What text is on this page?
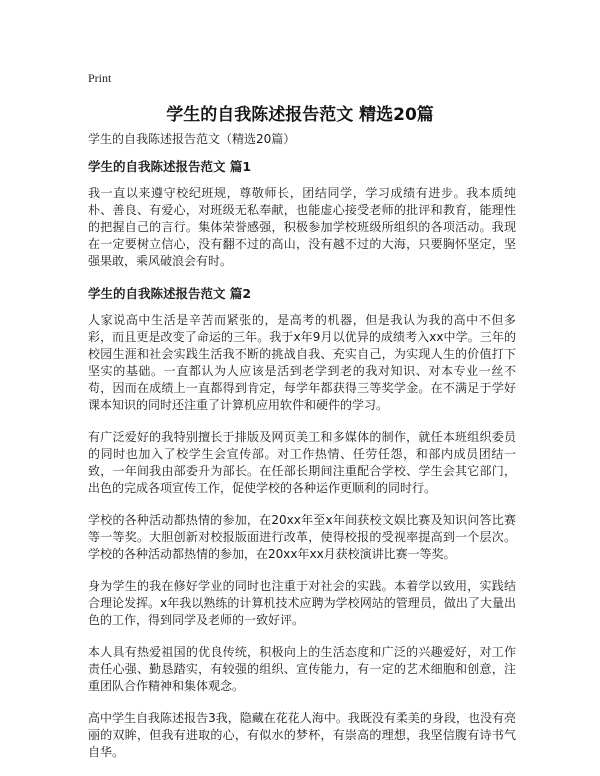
Print
学生的自我陈述报告范文 精选20篇

学生的自我陈述报告范文（精选20篇）

学生的自我陈述报告范文 篇1

我一直以来遵守校纪班规，尊敬师长，团结同学，学习成绩有进步。我本质纯朴、善良、有爱心，对班级无私奉献，也能虚心接受老师的批评和教育，能理性的把握自己的言行。集体荣誉感强，积极参加学校班级所组织的各项活动。我现在一定要树立信心，没有翻不过的高山，没有越不过的大海，只要胸怀坚定，坚强果敢，乘风破浪会有时。

学生的自我陈述报告范文 篇2

人家说高中生活是辛苦而紧张的，是高考的机器，但是我认为我的高中不但多彩，而且更是改变了命运的三年。我于x年9月以优异的成绩考入xx中学。三年的校园生涯和社会实践生活我不断的挑战自我、充实自己，为实现人生的价值打下坚实的基础。一直都认为人应该是活到老学到老的我对知识、对本专业一丝不苟，因而在成绩上一直都得到肯定，每学年都获得三等奖学金。在不满足于学好课本知识的同时还注重了计算机应用软件和硬件的学习。

有广泛爱好的我特别擅长于排版及网页美工和多媒体的制作，就任本班组织委员的同时也加入了校学生会宣传部。对工作热情、任劳任怨，和部内成员团结一致，一年间我由部委升为部长。在任部长期间注重配合学校、学生会其它部门，出色的完成各项宣传工作，促使学校的各种运作更顺利的同时行。

学校的各种活动都热情的参加，在20xx年至x年间获校文娱比赛及知识问答比赛等一等奖。大胆创新对校报版面进行改革，使得校报的受视率提高到一个层次。学校的各种活动都热情的参加，在20xx年xx月获校演讲比赛一等奖。

身为学生的我在修好学业的同时也注重于对社会的实践。本着学以致用，实践结合理论发挥。x年我以熟练的计算机技术应聘为学校网站的管理员，做出了大量出色的工作，得到同学及老师的一致好评。

本人具有热爱祖国的优良传统，积极向上的生活态度和广泛的兴趣爱好，对工作责任心强、勤恳踏实，有较强的组织、宣传能力，有一定的艺术细胞和创意，注重团队合作精神和集体观念。

高中学生自我陈述报告3我，隐藏在花花人海中。我既没有柔美的身段，也没有亮丽的双眸，但我有进取的心，有似水的梦杯，有崇高的理想，我坚信腹有诗书气自华。
